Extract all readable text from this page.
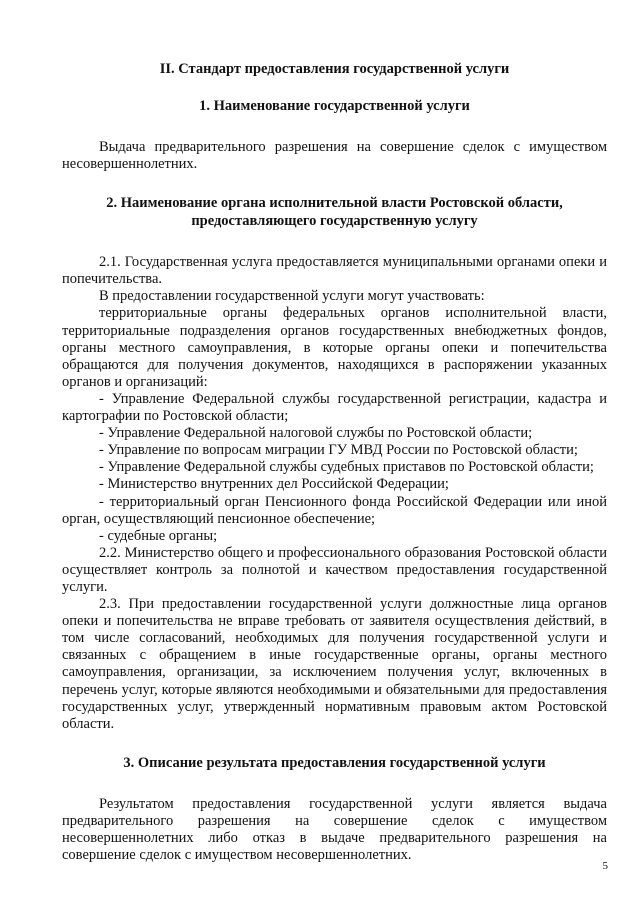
II. Стандарт предоставления государственной услуги
1. Наименование государственной услуги

Выдача предварительного разрешения на совершение сделок с имуществом несовершеннолетних.

2. Наименование органа исполнительной власти Ростовской области,
предоставляющего государственную услугу

2.1. Государственная услуга предоставляется муниципальными органами опеки и попечительства.

В предоставлении государственной услуги могут участвовать:

территориальные органы федеральных органов исполнительной власти, территориальные подразделения органов государственных внебюджетных фондов, органы местного самоуправления, в которые органы опеки и попечительства обращаются для получения документов, находящихся в распоряжении указанных органов и организаций:

- Управление Федеральной службы государственной регистрации, кадастра и картографии по Ростовской области;

- Управление Федеральной налоговой службы по Ростовской области;

- Управление по вопросам миграции ГУ МВД России по Ростовской области;

- Управление Федеральной службы судебных приставов по Ростовской области;

- Министерство внутренних дел Российской Федерации;

- территориальный орган Пенсионного фонда Российской Федерации или иной орган, осуществляющий пенсионное обеспечение;

- судебные органы;

2.2. Министерство общего и профессионального образования Ростовской области осуществляет контроль за полнотой и качеством предоставления государственной услуги.

2.3. При предоставлении государственной услуги должностные лица органов опеки и попечительства не вправе требовать от заявителя осуществления действий, в том числе согласований, необходимых для получения государственной услуги и связанных с обращением в иные государственные органы, органы местного самоуправления, организации, за исключением получения услуг, включенных в перечень услуг, которые являются необходимыми и обязательными для предоставления государственных услуг, утвержденный нормативным правовым актом Ростовской области.

3. Описание результата предоставления государственной услуги

Результатом предоставления государственной услуги является выдача предварительного разрешения на совершение сделок с имуществом несовершеннолетних либо отказ в выдаче предварительного разрешения на совершение сделок с имуществом несовершеннолетних.

5
